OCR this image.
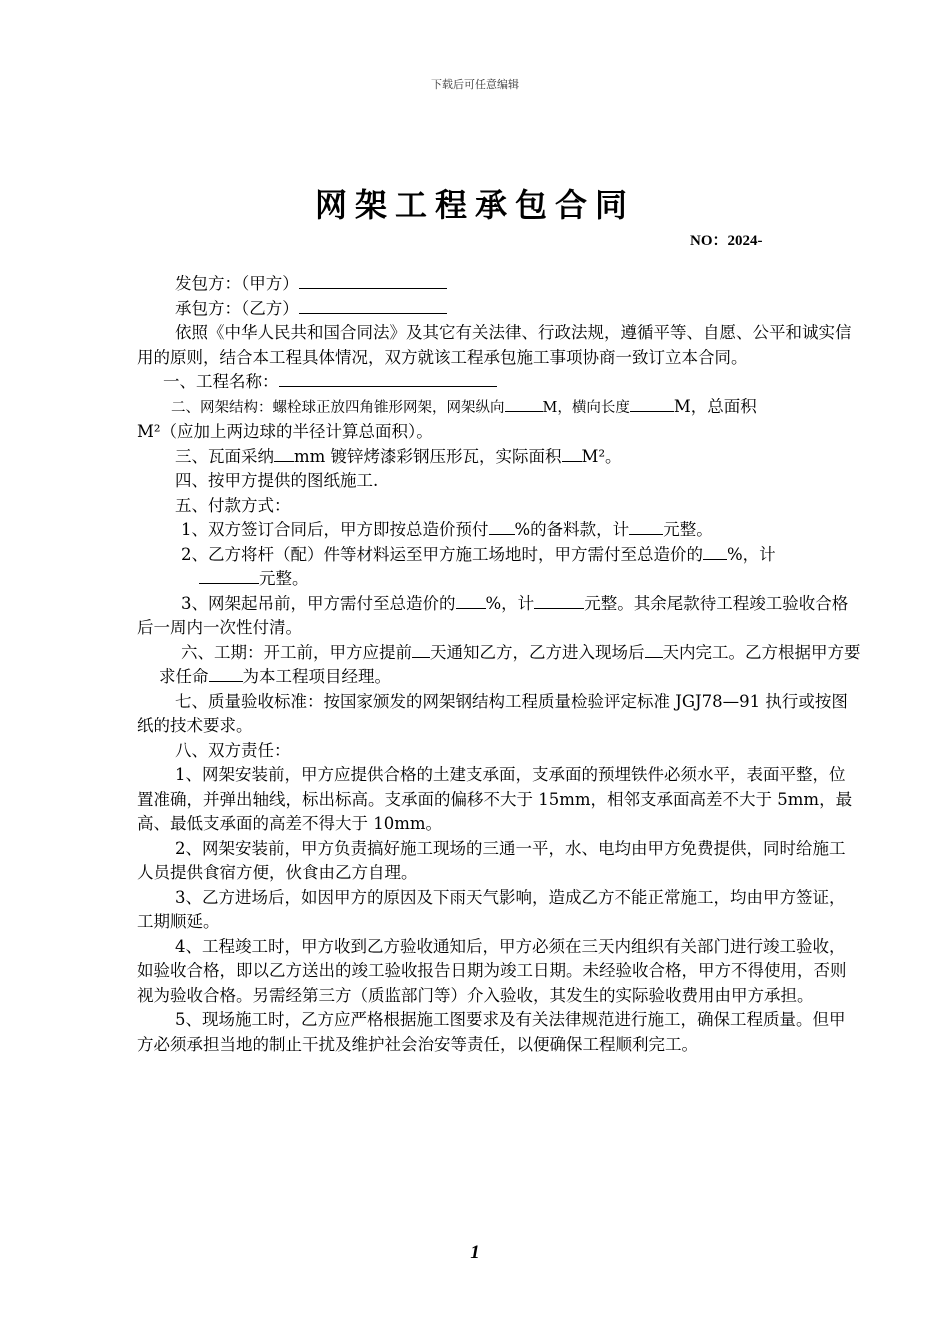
下载后可任意编辑
网架工程承包合同
NO：2024-

发包方：（甲方）

承包方：（乙方）

依照《中华人民共和国合同法》及其它有关法律、行政法规，遵循平等、自愿、公平和诚实信用的原则，结合本工程具体情况，双方就该工程承包施工事项协商一致订立本合同。

一、工程名称：

二、网架结构：螺栓球正放四角锥形网架，网架纵向	M，横向长度	M，总面积
M²（应加上两边球的半径计算总面积）。

三、瓦面采纳 mm 镀锌烤漆彩钢压形瓦，实际面积 M²。

四、按甲方提供的图纸施工.

五、付款方式：

1、双方签订合同后，甲方即按总造价预付 %的备料款，计 元整。

2、乙方将杆（配）件等材料运至甲方施工场地时，甲方需付至总造价的 %，计

元整。

3、网架起吊前，甲方需付至总造价的 %，计	元整。其余尾款待工程竣工验收合格后一周内一次性付清。

六、工期：开工前，甲方应提前 天通知乙方，乙方进入现场后 天内完工。乙方根据甲方要求任命 为本工程项目经理。

七、质量验收标准：按国家颁发的网架钢结构工程质量检验评定标准 JGJ78—91 执行或按图纸的技术要求。

八、双方责任：

1、网架安装前，甲方应提供合格的土建支承面，支承面的预埋铁件必须水平，表面平整，位置准确，并弹出轴线，标出标高。支承面的偏移不大于 15mm，相邻支承面高差不大于 5mm，最高、最低支承面的高差不得大于 10mm。

2、网架安装前，甲方负责搞好施工现场的三通一平，水、电均由甲方免费提供，同时给施工人员提供食宿方便，伙食由乙方自理。

3、乙方进场后，如因甲方的原因及下雨天气影响，造成乙方不能正常施工，均由甲方签证，工期顺延。

4、工程竣工时，甲方收到乙方验收通知后，甲方必须在三天内组织有关部门进行竣工验收，如验收合格，即以乙方送出的竣工验收报告日期为竣工日期。未经验收合格，甲方不得使用，否则视为验收合格。另需经第三方（质监部门等）介入验收，其发生的实际验收费用由甲方承担。

5、现场施工时，乙方应严格根据施工图要求及有关法律规范进行施工，确保工程质量。但甲方必须承担当地的制止干扰及维护社会治安等责任，以便确保工程顺利完工。

1
